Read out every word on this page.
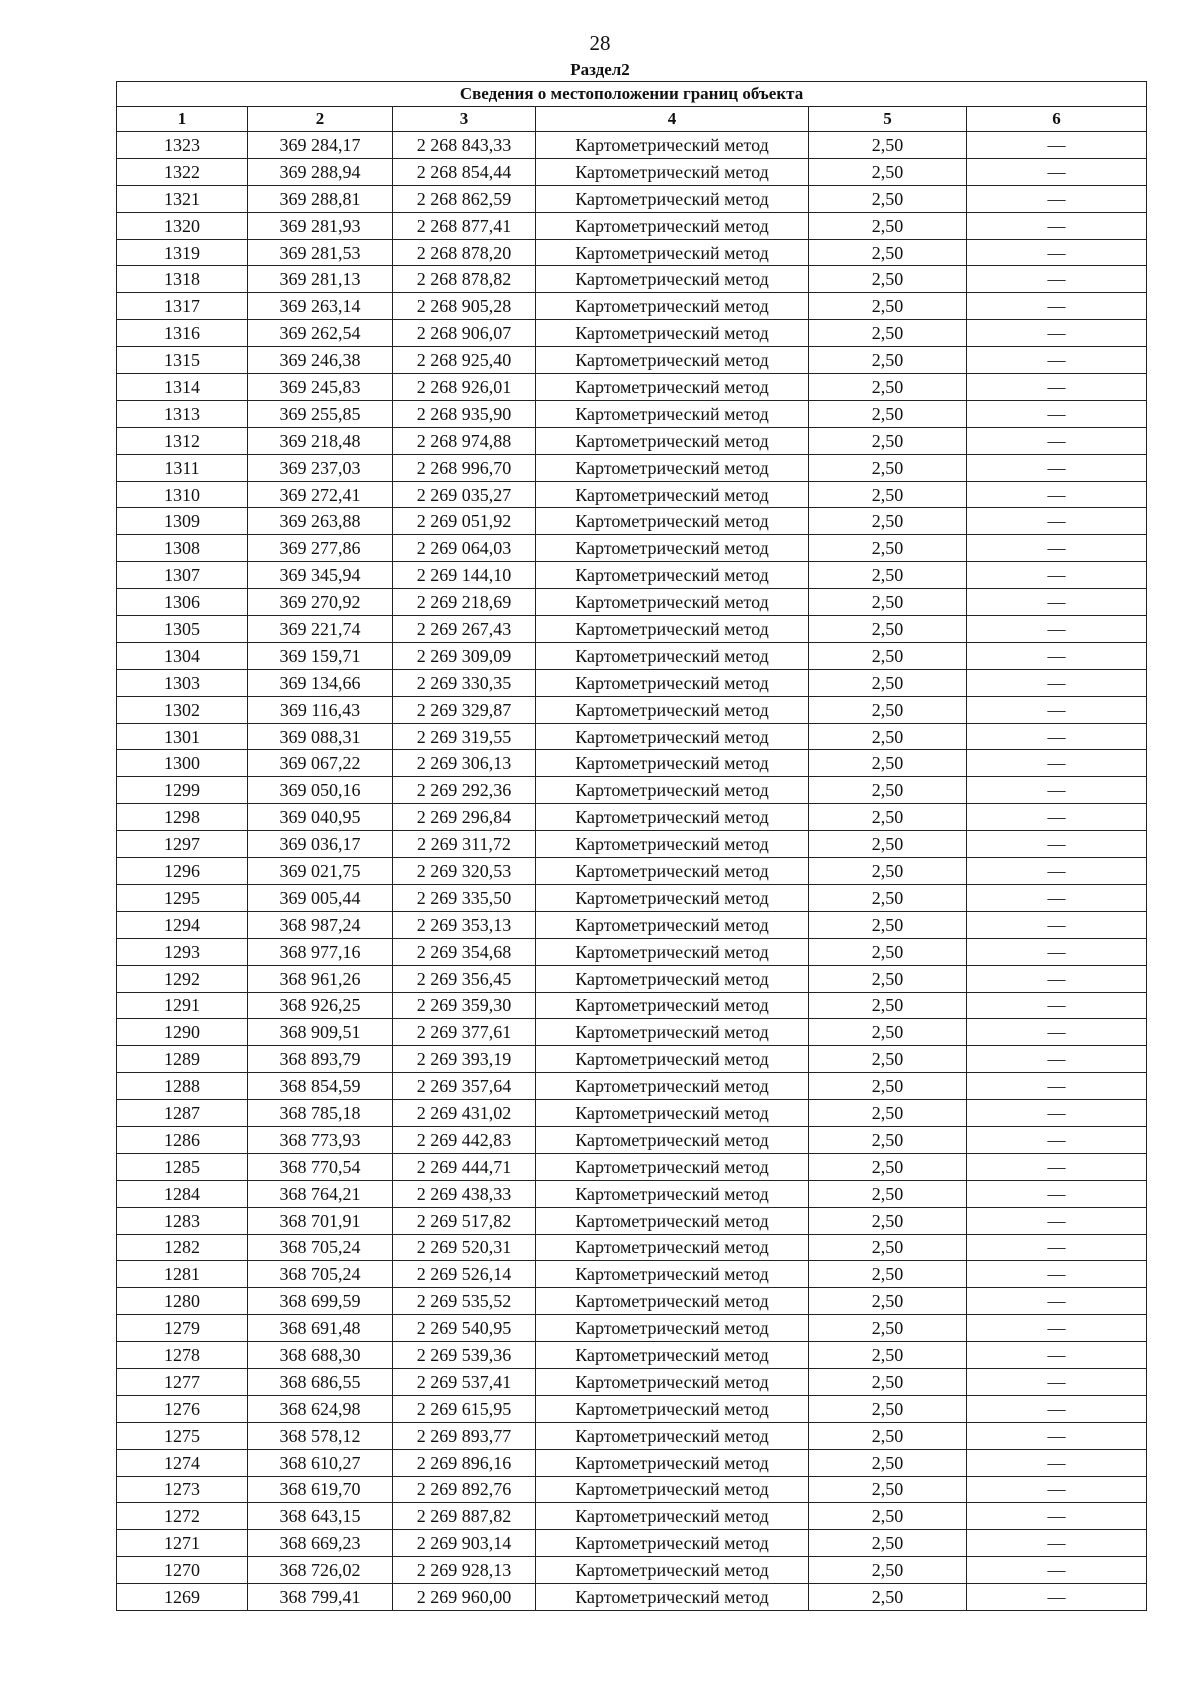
28
Раздел2
Сведения о местоположении границ объекта					
1	2	3	4	5	6
1323	369 284,17	2 268 843,33	Картометрический метод	2,50	—
1322	369 288,94	2 268 854,44	Картометрический метод	2,50	—
1321	369 288,81	2 268 862,59	Картометрический метод	2,50	—
1320	369 281,93	2 268 877,41	Картометрический метод	2,50	—
1319	369 281,53	2 268 878,20	Картометрический метод	2,50	—
1318	369 281,13	2 268 878,82	Картометрический метод	2,50	—
1317	369 263,14	2 268 905,28	Картометрический метод	2,50	—
1316	369 262,54	2 268 906,07	Картометрический метод	2,50	—
1315	369 246,38	2 268 925,40	Картометрический метод	2,50	—
1314	369 245,83	2 268 926,01	Картометрический метод	2,50	—
1313	369 255,85	2 268 935,90	Картометрический метод	2,50	—
1312	369 218,48	2 268 974,88	Картометрический метод	2,50	—
1311	369 237,03	2 268 996,70	Картометрический метод	2,50	—
1310	369 272,41	2 269 035,27	Картометрический метод	2,50	—
1309	369 263,88	2 269 051,92	Картометрический метод	2,50	—
1308	369 277,86	2 269 064,03	Картометрический метод	2,50	—
1307	369 345,94	2 269 144,10	Картометрический метод	2,50	—
1306	369 270,92	2 269 218,69	Картометрический метод	2,50	—
1305	369 221,74	2 269 267,43	Картометрический метод	2,50	—
1304	369 159,71	2 269 309,09	Картометрический метод	2,50	—
1303	369 134,66	2 269 330,35	Картометрический метод	2,50	—
1302	369 116,43	2 269 329,87	Картометрический метод	2,50	—
1301	369 088,31	2 269 319,55	Картометрический метод	2,50	—
1300	369 067,22	2 269 306,13	Картометрический метод	2,50	—
1299	369 050,16	2 269 292,36	Картометрический метод	2,50	—
1298	369 040,95	2 269 296,84	Картометрический метод	2,50	—
1297	369 036,17	2 269 311,72	Картометрический метод	2,50	—
1296	369 021,75	2 269 320,53	Картометрический метод	2,50	—
1295	369 005,44	2 269 335,50	Картометрический метод	2,50	—
1294	368 987,24	2 269 353,13	Картометрический метод	2,50	—
1293	368 977,16	2 269 354,68	Картометрический метод	2,50	—
1292	368 961,26	2 269 356,45	Картометрический метод	2,50	—
1291	368 926,25	2 269 359,30	Картометрический метод	2,50	—
1290	368 909,51	2 269 377,61	Картометрический метод	2,50	—
1289	368 893,79	2 269 393,19	Картометрический метод	2,50	—
1288	368 854,59	2 269 357,64	Картометрический метод	2,50	—
1287	368 785,18	2 269 431,02	Картометрический метод	2,50	—
1286	368 773,93	2 269 442,83	Картометрический метод	2,50	—
1285	368 770,54	2 269 444,71	Картометрический метод	2,50	—
1284	368 764,21	2 269 438,33	Картометрический метод	2,50	—
1283	368 701,91	2 269 517,82	Картометрический метод	2,50	—
1282	368 705,24	2 269 520,31	Картометрический метод	2,50	—
1281	368 705,24	2 269 526,14	Картометрический метод	2,50	—
1280	368 699,59	2 269 535,52	Картометрический метод	2,50	—
1279	368 691,48	2 269 540,95	Картометрический метод	2,50	—
1278	368 688,30	2 269 539,36	Картометрический метод	2,50	—
1277	368 686,55	2 269 537,41	Картометрический метод	2,50	—
1276	368 624,98	2 269 615,95	Картометрический метод	2,50	—
1275	368 578,12	2 269 893,77	Картометрический метод	2,50	—
1274	368 610,27	2 269 896,16	Картометрический метод	2,50	—
1273	368 619,70	2 269 892,76	Картометрический метод	2,50	—
1272	368 643,15	2 269 887,82	Картометрический метод	2,50	—
1271	368 669,23	2 269 903,14	Картометрический метод	2,50	—
1270	368 726,02	2 269 928,13	Картометрический метод	2,50	—
1269	368 799,41	2 269 960,00	Картометрический метод	2,50	—
